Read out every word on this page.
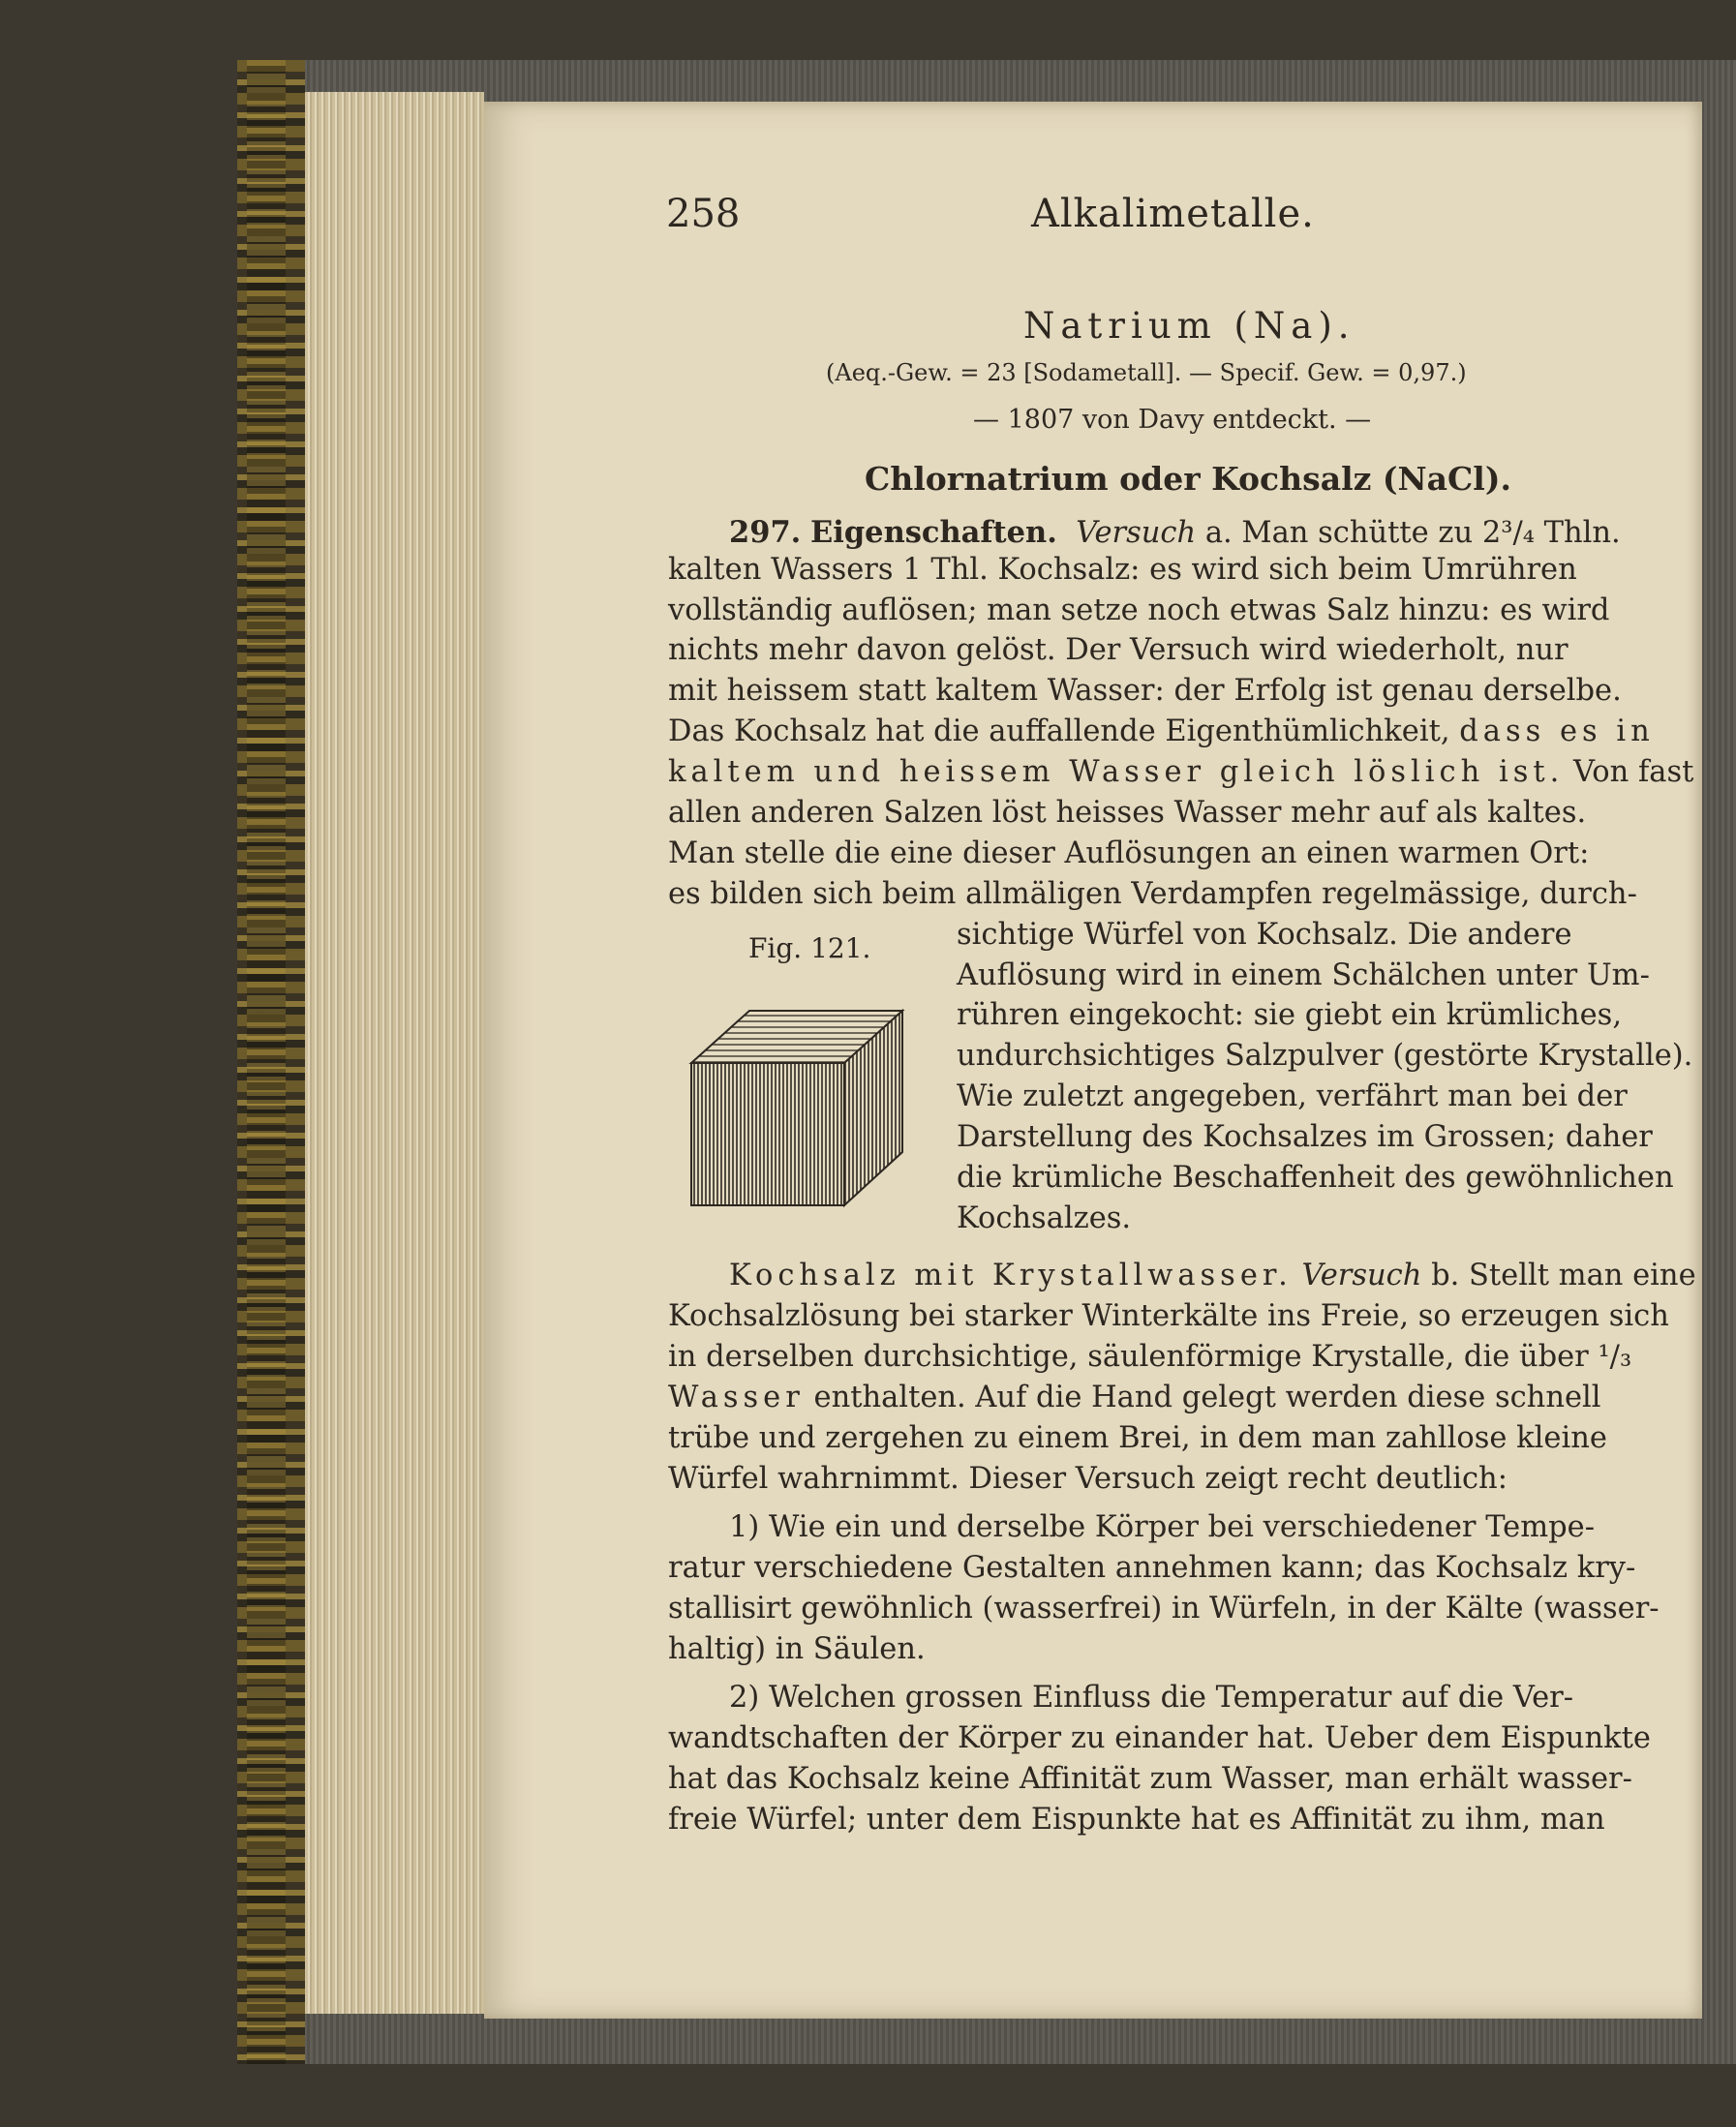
258	Alkalimetalle.
Natrium (Na).
(Aeq.-Gew. = 23 [Sodametall]. — Specif. Gew. = 0,97.)
— 1807 von Davy entdeckt. —
Chlornatrium oder Kochsalz (NaCl).
297. Eigenschaften. Versuch a. Man schütte zu 2³/₄ Thln.
kalten Wassers 1 Thl. Kochsalz: es wird sich beim Umrühren
vollständig auflösen; man setze noch etwas Salz hinzu: es wird
nichts mehr davon gelöst. Der Versuch wird wiederholt, nur
mit heissem statt kaltem Wasser: der Erfolg ist genau derselbe.
Das Kochsalz hat die auffallende Eigenthümlichkeit, dass es in
kaltem und heissem Wasser gleich löslich ist. Von fast
allen anderen Salzen löst heisses Wasser mehr auf als kaltes.
Man stelle die eine dieser Auflösungen an einen warmen Ort:
es bilden sich beim allmäligen Verdampfen regelmässige, durch-
Fig. 121.	sichtige Würfel von Kochsalz. Die andere
Auflösung wird in einem Schälchen unter Um-
rühren eingekocht: sie giebt ein krümliches,
undurchsichtiges Salzpulver (gestörte Krystalle).
Wie zuletzt angegeben, verfährt man bei der
Darstellung des Kochsalzes im Grossen; daher
die krümliche Beschaffenheit des gewöhnlichen
Kochsalzes.
Kochsalz mit Krystallwasser. Versuch b. Stellt man eine
Kochsalzlösung bei starker Winterkälte ins Freie, so erzeugen sich
in derselben durchsichtige, säulenförmige Krystalle, die über ¹/₃
Wasser enthalten. Auf die Hand gelegt werden diese schnell
trübe und zergehen zu einem Brei, in dem man zahllose kleine
Würfel wahrnimmt. Dieser Versuch zeigt recht deutlich:
1) Wie ein und derselbe Körper bei verschiedener Tempe-
ratur verschiedene Gestalten annehmen kann; das Kochsalz kry-
stallisirt gewöhnlich (wasserfrei) in Würfeln, in der Kälte (wasser-
haltig) in Säulen.
2) Welchen grossen Einfluss die Temperatur auf die Ver-
wandtschaften der Körper zu einander hat. Ueber dem Eispunkte
hat das Kochsalz keine Affinität zum Wasser, man erhält wasser-
freie Würfel; unter dem Eispunkte hat es Affinität zu ihm, man
